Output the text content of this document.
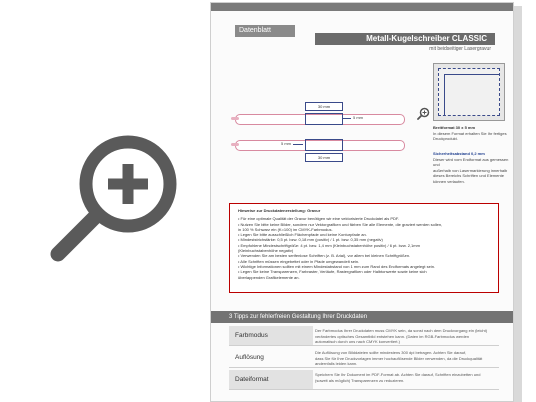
Datenblatt
Metall-Kugelschreiber CLASSIC
mit beidseitiger Lasergravur
30 mm
5 mm
5 mm
30 mm
Breitformat 30 x 5 mm
In diesem Format erhalten Sie Ihr fertiges
Druckprodukt.
Sicherheitsabstand 0,2 mm
Dieser wird vom Endformat aus gemessen und
außerhalb von Lasermarkierung innerhalb
dieses Bereichs Schriften und Elemente
können verlaufen.
Hinweise zur Druckdatenerstellung: Gravur
• Für eine optimale Qualität der Gravur benötigen wir eine vektorisierte Druckdatei als PDF.
• Nutzen Sie bitte keine Bilder, sondern nur Vektorgrafiken und färben Sie alle Elemente, die graviert werden sollen,
in 100 % Schwarz ein (K=100) im CMYK-Farbmodus.
• Legen Sie bitte ausschließlich Flächenpfade und keine Konturpfade an.
• Mindeststrichstärke: 0,5 pt. bzw. 0,18 mm (positiv) / 1 pt. bzw. 0,35 mm (negativ)
• Empfohlene Mindestschriftgröße: 4 pt. bzw. 1,4 mm (Kleinbuchstabenhöhe positiv) / 6 pt. bzw. 2,1mm
(Kleinbuchstabenhöhe negativ)
• Verwenden Sie am besten serifenlose Schriften (z. B. Arial), vor allem bei kleinen Schriftgrößen.
• Alle Schriften müssen eingebettet oder in Pfade umgewandelt sein.
• Wichtige Informationen sollten mit einem Mindestabstand von 1 mm zum Rand des Endformats angelegt sein.
• Legen Sie keine Transparenzen, Farbraster, Verläufe, Rastergrafiken oder Halbtonwerte sowie keine sich
überlappenden Grafikelemente an.
3 Tipps zur fehlerfreien Gestaltung Ihrer Druckdaten
Farbmodus
Der Farbmodus Ihrer Druckdaten muss CMYK sein, da sonst nach dem Druckvorgang ein (leicht)
verändertes optisches Gesamtbild entstehen kann. (Daten im RGB-Farbmodus werden
automatisch durch uns nach CMYK konvertiert.)
Auflösung
Die Auflösung von Bilddateien sollte mindestens 300 dpi betragen. Achten Sie darauf,
dass Sie für Ihre Druckvorlagen immer hochauflösende Bilder verwenden, da die Druckqualität
andernfalls leiden kann.
Dateiformat
Speichern Sie Ihr Dokument im PDF-Format ab. Achten Sie darauf, Schriften einzubetten und
(soweit als möglich) Transparenzen zu reduzieren.
